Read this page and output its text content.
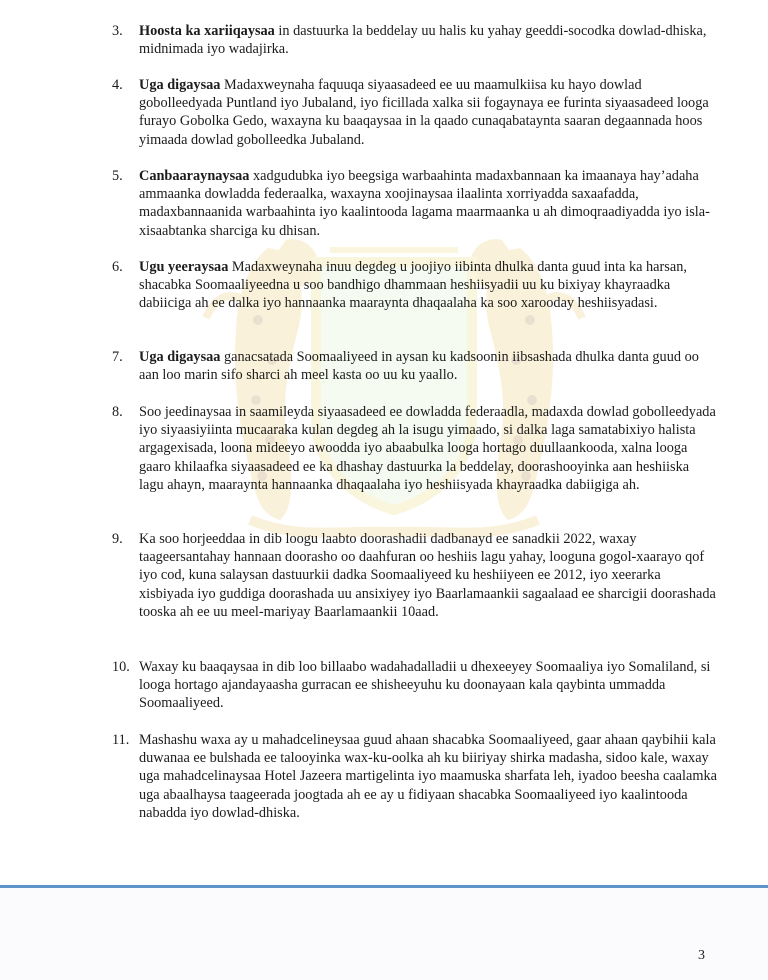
3.	Hoosta ka xariiqaysaa in dastuurka la beddelay uu halis ku yahay geeddi-socodka dowlad-dhiska, midnimada iyo wadajirka.
4.	Uga digaysaa Madaxweynaha faquuqa siyaasadeed ee uu maamulkiisa ku hayo dowlad gobolleedyada Puntland iyo Jubaland, iyo ficillada xalka sii fogaynaya ee furinta siyaasadeed looga furayo Gobolka Gedo, waxayna ku baaqaysaa in la qaado cunaqabataynta saaran degaannada hoos yimaada dowlad gobolleedka Jubaland.
5.	Canbaaraynaysaa xadgudubka iyo beegsiga warbaahinta madaxbannaan ka imaanaya hay’adaha ammaanka dowladda federaalka, waxayna xoojinaysaa ilaalinta xorriyadda saxaafadda, madaxbannaanida warbaahinta iyo kaalintooda lagama maarmaanka u ah dimoqraadiyadda iyo isla-xisaabtanka sharciga ku dhisan.
6.	Ugu yeeraysaa Madaxweynaha inuu degdeg u joojiyo iibinta dhulka danta guud inta ka harsan, shacabka Soomaaliyeedna u soo bandhigo dhammaan heshiisyadii uu ku bixiyay khayraadka dabiiciga ah ee dalka iyo hannaanka maaraynta dhaqaalaha ka soo xarooday heshiisyadasi.
7.	Uga digaysaa ganacsatada Soomaaliyeed in aysan ku kadsoonin iibsashada dhulka danta guud oo aan loo marin sifo sharci ah meel kasta oo uu ku yaallo.
8.	Soo jeedinaysaa in saamileyda siyaasadeed ee dowladda federaadla, madaxda dowlad gobolleedyada iyo siyaasiyiinta mucaaraka kulan degdeg ah la isugu yimaado, si dalka laga samatabixiyo halista argagexisada, loona mideeyo awoodda iyo abaabulka looga hortago duullaankooda, xalna looga gaaro khilaafka siyaasadeed ee ka dhashay dastuurka la beddelay, doorashooyinka aan heshiiska lagu ahayn, maaraynta hannaanka dhaqaalaha iyo heshiisyada khayraadka dabiigiga ah.
9.	Ka soo horjeeddaa in dib loogu laabto doorashadii dadbanayd ee sanadkii 2022, waxay taageersantahay hannaan doorasho oo daahfuran oo heshiis lagu yahay, looguna gogol-xaarayo qof iyo cod, kuna salaysan dastuurkii dadka Soomaaliyeed ku heshiiyeen ee 2012, iyo xeerarka xisbiyada iyo guddiga doorashada uu ansixiyey iyo Baarlamaankii sagaalaad ee sharcigii doorashada tooska ah ee uu meel-mariyay Baarlamaankii 10aad.
10. Waxay ku baaqaysaa in dib loo billaabo wadahadalladii u dhexeeyey Soomaaliya iyo Somaliland, si looga hortago ajandayaasha gurracan ee shisheeyuhu ku doonayaan kala qaybinta ummadda Soomaaliyeed.
11. Mashashu waxa ay u mahadcelineysaa guud ahaan shacabka Soomaaliyeed, gaar ahaan qaybihii kala duwanaa ee bulshada ee talooyinka wax-ku-oolka ah ku biiriyay shirka madasha, sidoo kale, waxay uga mahadcelinaysaa Hotel Jazeera martigelinta iyo maamuska sharfata leh, iyadoo beesha caalamka uga abaalhaysa taageerada joogtada ah ee ay u fidiyaan shacabka Soomaaliyeed iyo kaalintooda nabadda iyo dowlad-dhiska.
3
